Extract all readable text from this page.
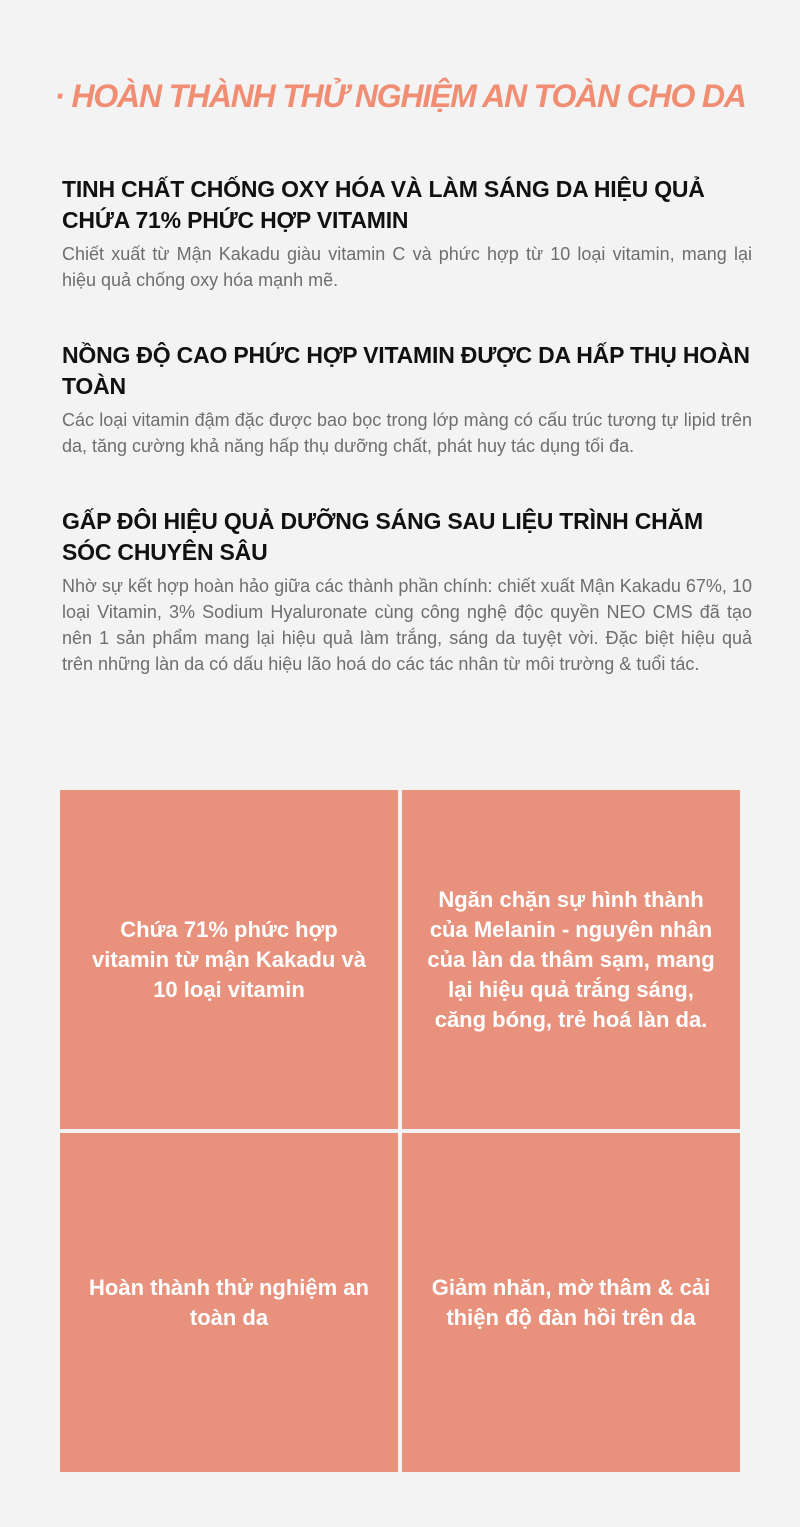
· HOÀN THÀNH THỬ NGHIỆM AN TOÀN CHO DA
TINH CHẤT CHỐNG OXY HÓA VÀ LÀM SÁNG DA HIỆU QUẢ CHỨA 71% PHỨC HỢP VITAMIN

Chiết xuất từ Mận Kakadu giàu vitamin C và phức hợp từ 10 loại vitamin, mang lại hiệu quả chống oxy hóa mạnh mẽ.

NỒNG ĐỘ CAO PHỨC HỢP VITAMIN ĐƯỢC DA HẤP THỤ HOÀN TOÀN

Các loại vitamin đậm đặc được bao bọc trong lớp màng có cấu trúc tương tự lipid trên da, tăng cường khả năng hấp thụ dưỡng chất, phát huy tác dụng tối đa.

GẤP ĐÔI HIỆU QUẢ DƯỠNG SÁNG SAU LIỆU TRÌNH CHĂM SÓC CHUYÊN SÂU

Nhờ sự kết hợp hoàn hảo giữa các thành phần chính: chiết xuất Mận Kakadu 67%, 10 loại Vitamin, 3% Sodium Hyaluronate cùng công nghệ độc quyền NEO CMS đã tạo nên 1 sản phẩm mang lại hiệu quả làm trắng, sáng da tuyệt vời. Đặc biệt hiệu quả trên những làn da có dấu hiệu lão hoá do các tác nhân từ môi trường & tuổi tác.

Chứa 71% phức hợp vitamin từ mận Kakadu và 10 loại vitamin
Ngăn chặn sự hình thành của Melanin - nguyên nhân của làn da thâm sạm, mang lại hiệu quả trắng sáng, căng bóng, trẻ hoá làn da.
Hoàn thành thử nghiệm an toàn da
Giảm nhăn, mờ thâm & cải thiện độ đàn hồi trên da
